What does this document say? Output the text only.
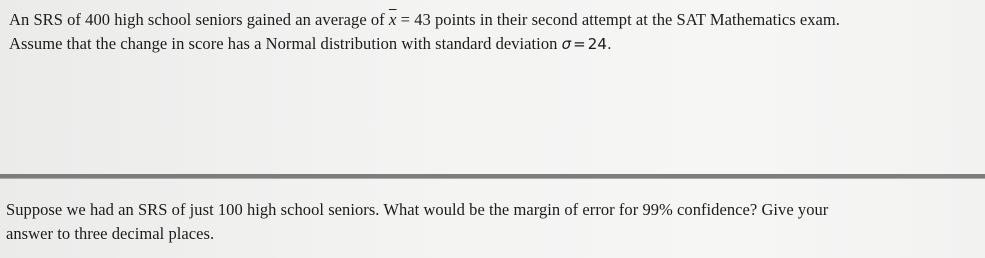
An SRS of 400 high school seniors gained an average of $\overline{x} = 43$ points in their second attempt at the SAT Mathematics exam.
Assume that the change in score has a Normal distribution with standard deviation σ = 24.
Suppose we had an SRS of just 100 high school seniors. What would be the margin of error for 99% confidence? Give your
answer to three decimal places.
